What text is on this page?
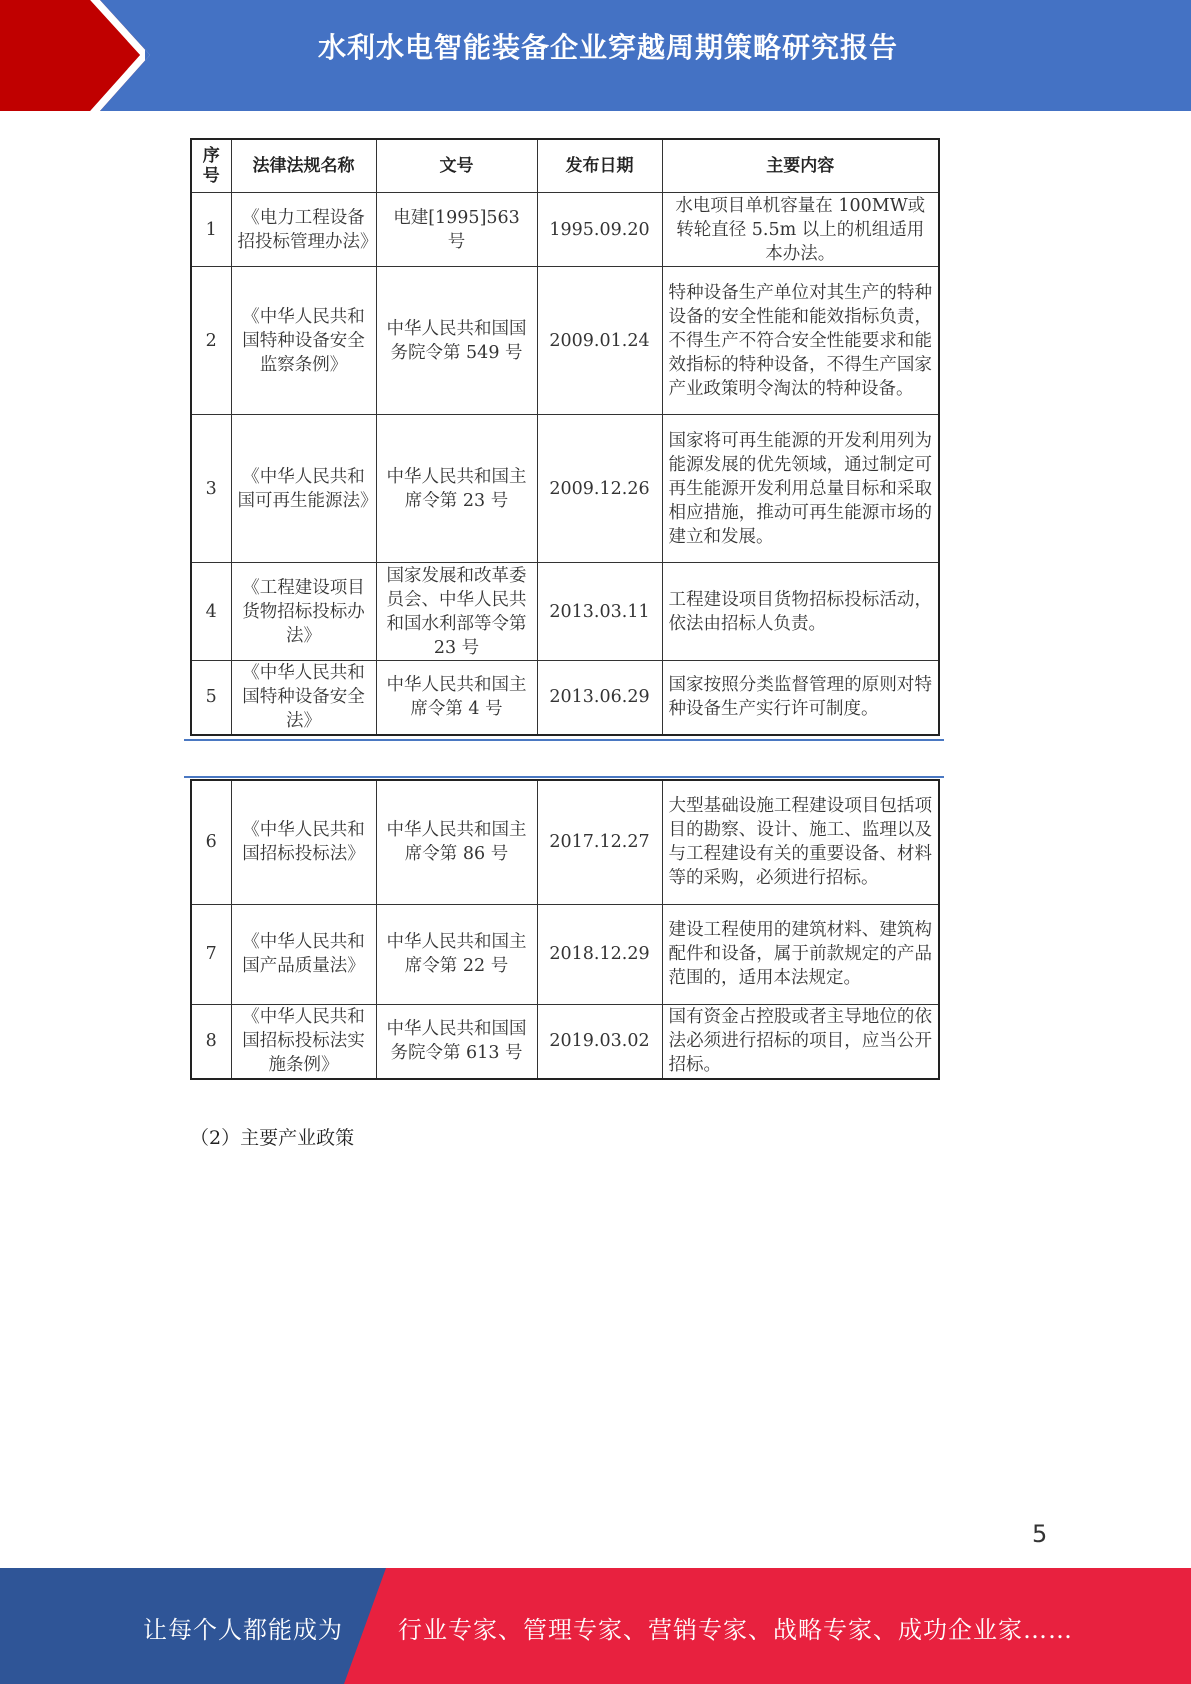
水利水电智能装备企业穿越周期策略研究报告
序号	法律法规名称	文号	发布日期	主要内容
1	《电力工程设备招投标管理办法》	电建[1995]563 号	1995.09.20	水电项目单机容量在 100MW或转轮直径 5.5m 以上的机组适用本办法。
2	《中华人民共和国特种设备安全监察条例》	中华人民共和国国务院令第 549 号	2009.01.24	特种设备生产单位对其生产的特种设备的安全性能和能效指标负责，不得生产不符合安全性能要求和能效指标的特种设备，不得生产国家产业政策明令淘汰的特种设备。
3	《中华人民共和国可再生能源法》	中华人民共和国主席令第 23 号	2009.12.26	国家将可再生能源的开发利用列为能源发展的优先领域，通过制定可再生能源开发利用总量目标和采取相应措施，推动可再生能源市场的建立和发展。
4	《工程建设项目货物招标投标办法》	国家发展和改革委员会、中华人民共和国水利部等令第 23 号	2013.03.11	工程建设项目货物招标投标活动，依法由招标人负责。
5	《中华人民共和国特种设备安全法》	中华人民共和国主席令第 4 号	2013.06.29	国家按照分类监督管理的原则对特种设备生产实行许可制度。
6	《中华人民共和国招标投标法》	中华人民共和国主席令第 86 号	2017.12.27	大型基础设施工程建设项目包括项目的勘察、设计、施工、监理以及与工程建设有关的重要设备、材料等的采购，必须进行招标。
7	《中华人民共和国产品质量法》	中华人民共和国主席令第 22 号	2018.12.29	建设工程使用的建筑材料、建筑构配件和设备，属于前款规定的产品范围的，适用本法规定。
8	《中华人民共和国招标投标法实施条例》	中华人民共和国国务院令第 613 号	2019.03.02	国有资金占控股或者主导地位的依法必须进行招标的项目，应当公开招标。
（2）主要产业政策
5
让每个人都能成为 行业专家、管理专家、营销专家、战略专家、成功企业家……
